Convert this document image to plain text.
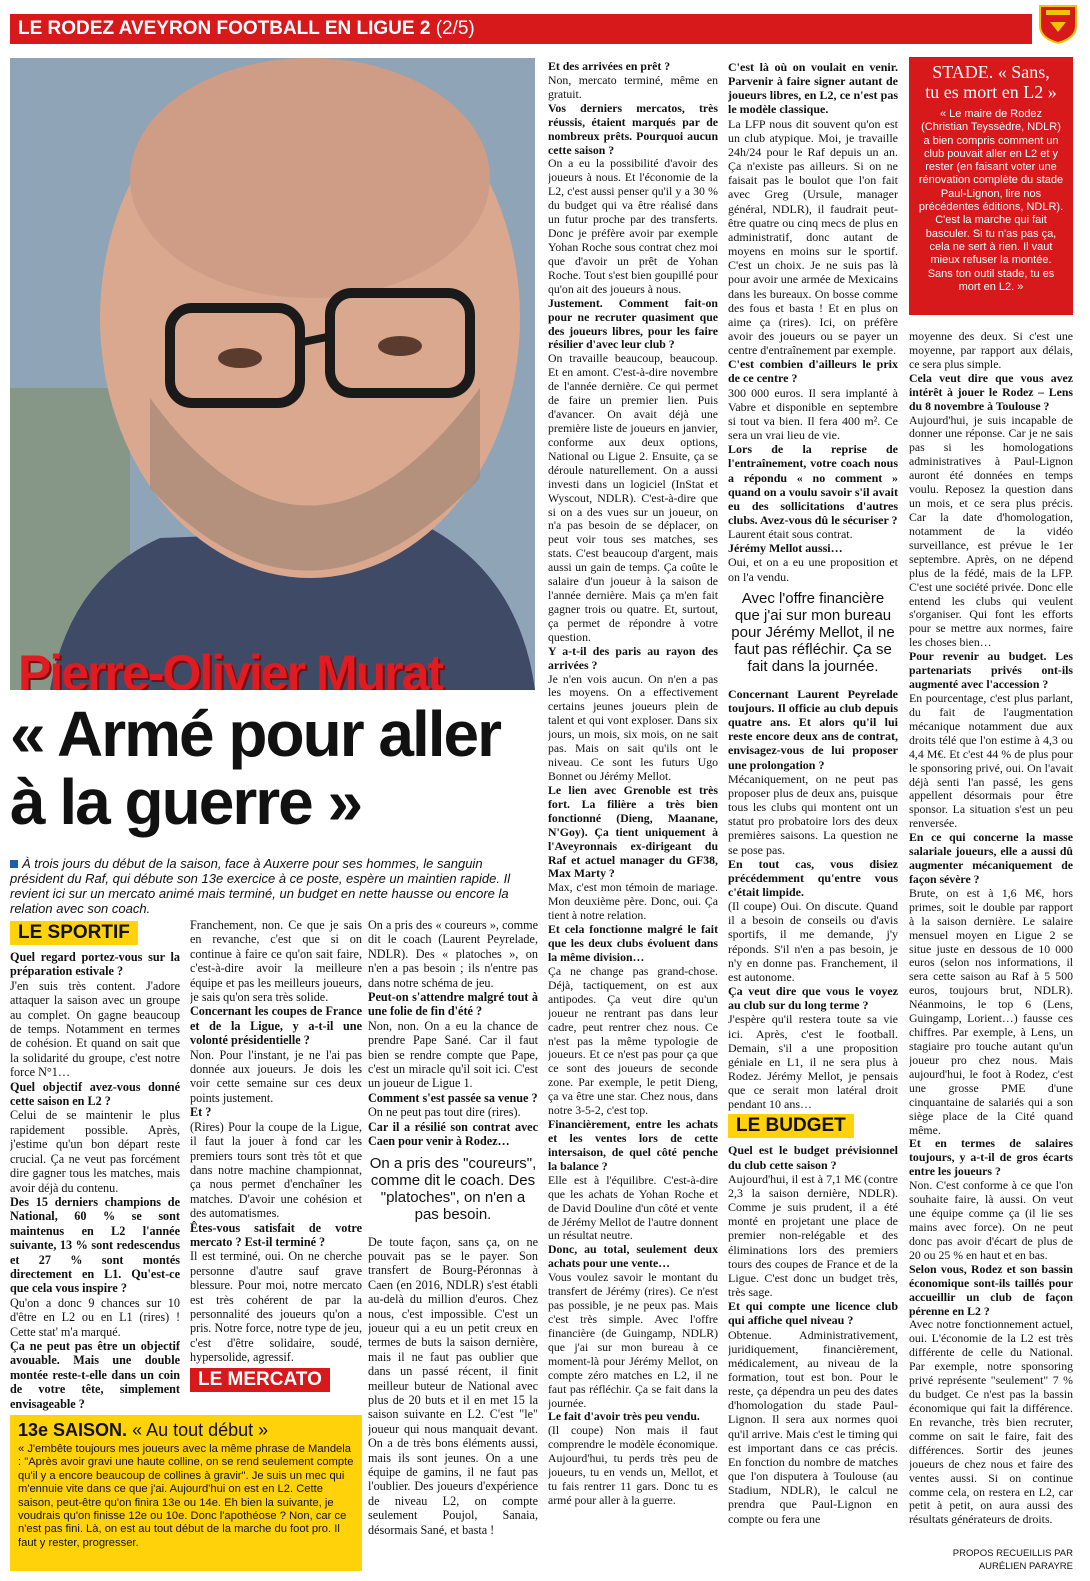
LE RODEZ AVEYRON FOOTBALL EN LIGUE 2 (2/5)
Pierre-Olivier Murat
« Armé pour aller à la guerre »
À trois jours du début de la saison, face à Auxerre pour ses hommes, le sanguin président du Raf, qui débute son 13e exercice à ce poste, espère un maintien rapide. Il revient ici sur un mercato animé mais terminé, un budget en nette hausse ou encore la relation avec son coach.
LE SPORTIF

Quel regard portez-vous sur la préparation estivale ?

J'en suis très content. J'adore attaquer la saison avec un groupe au complet. On gagne beaucoup de temps. Notamment en termes de cohésion. Et quand on sait que la solidarité du groupe, c'est notre force N°1…

Quel objectif avez-vous donné cette saison en L2 ?

Celui de se maintenir le plus rapidement possible. Après, j'estime qu'un bon départ reste crucial. Ça ne veut pas forcément dire gagner tous les matches, mais avoir déjà du contenu.

Des 15 derniers champions de National, 60 % se sont maintenus en L2 l'année suivante, 13 % sont redescendus et 27 % sont montés directement en L1. Qu'est-ce que cela vous inspire ?

Qu'on a donc 9 chances sur 10 d'être en L2 ou en L1 (rires) ! Cette stat' m'a marqué.

Ça ne peut pas être un objectif avouable. Mais une double montée reste-t-elle dans un coin de votre tête, simplement envisageable ?

13e SAISON. « Au tout début »
« J'embête toujours mes joueurs avec la même phrase de Mandela : "Après avoir gravi une haute colline, on se rend seulement compte qu'il y a encore beaucoup de collines à gravir". Je suis un mec qui m'ennuie vite dans ce que j'ai. Aujourd'hui on est en L2. Cette saison, peut-être qu'on finira 13e ou 14e. Eh bien la suivante, je voudrais qu'on finisse 12e ou 10e. Donc l'apothéose ? Non, car ce n'est pas fini. Là, on est au tout début de la marche du foot pro. Il faut y rester, progresser.

Franchement, non. Ce que je sais en revanche, c'est que si on continue à faire ce qu'on sait faire, c'est-à-dire avoir la meilleure équipe et pas les meilleurs joueurs, je sais qu'on sera très solide.

Concernant les coupes de France et de la Ligue, y a-t-il une volonté présidentielle ?

Non. Pour l'instant, je ne l'ai pas donnée aux joueurs. Je dois les voir cette semaine sur ces deux points justement.

Et ?

(Rires) Pour la coupe de la Ligue, il faut la jouer à fond car les premiers tours sont très tôt et que dans notre machine championnat, ça nous permet d'enchaîner les matches. D'avoir une cohésion et des automatismes.

Êtes-vous satisfait de votre mercato ? Est-il terminé ?

Il est terminé, oui. On ne cherche personne d'autre sauf grave blessure. Pour moi, notre mercato est très cohérent de par la personnalité des joueurs qu'on a pris. Notre force, notre type de jeu, c'est d'être solidaire, soudé, hypersolide, agressif.

LE MERCATO

On a pris des « coureurs », comme dit le coach (Laurent Peyrelade, NDLR). Des « platoches », on n'en a pas besoin ; ils n'entre pas dans notre schéma de jeu.

Peut-on s'attendre malgré tout à une folie de fin d'été ?

Non, non. On a eu la chance de prendre Pape Sané. Car il faut bien se rendre compte que Pape, c'est un miracle qu'il soit ici. C'est un joueur de Ligue 1.

Comment s'est passée sa venue ?

On ne peut pas tout dire (rires).

Car il a résilié son contrat avec Caen pour venir à Rodez…

On a pris des "coureurs", comme dit le coach. Des "platoches", on n'en a pas besoin.

De toute façon, sans ça, on ne pouvait pas se le payer. Son transfert de Bourg-Péronnas à Caen (en 2016, NDLR) s'est établi au-delà du million d'euros. Chez nous, c'est impossible. C'est un joueur qui a eu un petit creux en termes de buts la saison dernière, mais il ne faut pas oublier que dans un passé récent, il finit meilleur buteur de National avec plus de 20 buts et il en met 15 la saison suivante en L2. C'est "le" joueur qui nous manquait devant. On a de très bons éléments aussi, mais ils sont jeunes. On a une équipe de gamins, il ne faut pas l'oublier. Des joueurs d'expérience de niveau L2, on compte seulement Poujol, Sanaia, désormais Sané, et basta !

Et des arrivées en prêt ?

Non, mercato terminé, même en gratuit.

Vos derniers mercatos, très réussis, étaient marqués par de nombreux prêts. Pourquoi aucun cette saison ?

On a eu la possibilité d'avoir des joueurs à nous. Et l'économie de la L2, c'est aussi penser qu'il y a 30 % du budget qui va être réalisé dans un futur proche par des transferts. Donc je préfère avoir par exemple Yohan Roche sous contrat chez moi que d'avoir un prêt de Yohan Roche. Tout s'est bien goupillé pour qu'on ait des joueurs à nous.

Justement. Comment fait-on pour ne recruter quasiment que des joueurs libres, pour les faire résilier d'avec leur club ?

On travaille beaucoup, beaucoup. Et en amont. C'est-à-dire novembre de l'année dernière. Ce qui permet de faire un premier lien. Puis d'avancer. On avait déjà une première liste de joueurs en janvier, conforme aux deux options, National ou Ligue 2. Ensuite, ça se déroule naturellement. On a aussi investi dans un logiciel (InStat et Wyscout, NDLR). C'est-à-dire que si on a des vues sur un joueur, on n'a pas besoin de se déplacer, on peut voir tous ses matches, ses stats. C'est beaucoup d'argent, mais aussi un gain de temps. Ça coûte le salaire d'un joueur à la saison de l'année dernière. Mais ça m'en fait gagner trois ou quatre. Et, surtout, ça permet de répondre à votre question.

Y a-t-il des paris au rayon des arrivées ?

Je n'en vois aucun. On n'en a pas les moyens. On a effectivement certains jeunes joueurs plein de talent et qui vont exploser. Dans six jours, un mois, six mois, on ne sait pas. Mais on sait qu'ils ont le niveau. Ce sont les futurs Ugo Bonnet ou Jérémy Mellot.

Le lien avec Grenoble est très fort. La filière a très bien fonctionné (Dieng, Maanane, N'Goy). Ça tient uniquement à l'Aveyronnais ex-dirigeant du Raf et actuel manager du GF38, Max Marty ?

Max, c'est mon témoin de mariage. Mon deuxième père. Donc, oui. Ça tient à notre relation.

Et cela fonctionne malgré le fait que les deux clubs évoluent dans la même division…

Ça ne change pas grand-chose. Déjà, tactiquement, on est aux antipodes. Ça veut dire qu'un joueur ne rentrant pas dans leur cadre, peut rentrer chez nous. Ce n'est pas la même typologie de joueurs. Et ce n'est pas pour ça que ce sont des joueurs de seconde zone. Par exemple, le petit Dieng, ça va être une star. Chez nous, dans notre 3-5-2, c'est top.

Financièrement, entre les achats et les ventes lors de cette intersaison, de quel côté penche la balance ?

Elle est à l'équilibre. C'est-à-dire que les achats de Yohan Roche et de David Douline d'un côté et vente de Jérémy Mellot de l'autre donnent un résultat neutre.

Donc, au total, seulement deux achats pour une vente…

Vous voulez savoir le montant du transfert de Jérémy (rires). Ce n'est pas possible, je ne peux pas. Mais c'est très simple. Avec l'offre financière (de Guingamp, NDLR) que j'ai sur mon bureau à ce moment-là pour Jérémy Mellot, on compte zéro matches en L2, il ne faut pas réfléchir. Ça se fait dans la journée.

Le fait d'avoir très peu vendu.

(Il coupe) Non mais il faut comprendre le modèle économique. Aujourd'hui, tu perds très peu de joueurs, tu en vends un, Mellot, et tu fais rentrer 11 gars. Donc tu es armé pour aller à la guerre.

C'est là où on voulait en venir. Parvenir à faire signer autant de joueurs libres, en L2, ce n'est pas le modèle classique.

La LFP nous dit souvent qu'on est un club atypique. Moi, je travaille 24h/24 pour le Raf depuis un an. Ça n'existe pas ailleurs. Si on ne faisait pas le boulot que l'on fait avec Greg (Ursule, manager général, NDLR), il faudrait peut-être quatre ou cinq mecs de plus en administratif, donc autant de moyens en moins sur le sportif. C'est un choix. Je ne suis pas là pour avoir une armée de Mexicains dans les bureaux. On bosse comme des fous et basta ! Et en plus on aime ça (rires). Ici, on préfère avoir des joueurs ou se payer un centre d'entraînement par exemple.

C'est combien d'ailleurs le prix de ce centre ?

300 000 euros. Il sera implanté à Vabre et disponible en septembre si tout va bien. Il fera 400 m². Ce sera un vrai lieu de vie.

Lors de la reprise de l'entraînement, votre coach nous a répondu « no comment » quand on a voulu savoir s'il avait eu des sollicitations d'autres clubs. Avez-vous dû le sécuriser ?

Laurent était sous contrat.

Jérémy Mellot aussi…

Oui, et on a eu une proposition et on l'a vendu.

Avec l'offre financière que j'ai sur mon bureau pour Jérémy Mellot, il ne faut pas réfléchir. Ça se fait dans la journée.

Concernant Laurent Peyrelade toujours. Il officie au club depuis quatre ans. Et alors qu'il lui reste encore deux ans de contrat, envisagez-vous de lui proposer une prolongation ?

Mécaniquement, on ne peut pas proposer plus de deux ans, puisque tous les clubs qui montent ont un statut pro probatoire lors des deux premières saisons. La question ne se pose pas.

En tout cas, vous disiez précédemment qu'entre vous c'était limpide.

(Il coupe) Oui. On discute. Quand il a besoin de conseils ou d'avis sportifs, il me demande, j'y réponds. S'il n'en a pas besoin, je n'y en donne pas. Franchement, il est autonome.

Ça veut dire que vous le voyez au club sur du long terme ?

J'espère qu'il restera toute sa vie ici. Après, c'est le football. Demain, s'il a une proposition géniale en L1, il ne sera plus à Rodez. Jérémy Mellot, je pensais que ce serait mon latéral droit pendant 10 ans…

LE BUDGET

Quel est le budget prévisionnel du club cette saison ?

Aujourd'hui, il est à 7,1 M€ (contre 2,3 la saison dernière, NDLR). Comme je suis prudent, il a été monté en projetant une place de premier non-relégable et des éliminations lors des premiers tours des coupes de France et de la Ligue. C'est donc un budget très, très sage.

Et qui compte une licence club qui affiche quel niveau ?

Obtenue. Administrativement, juridiquement, financièrement, médicalement, au niveau de la formation, tout est bon. Pour le reste, ça dépendra un peu des dates d'homologation du stade Paul-Lignon. Il sera aux normes quoi qu'il arrive. Mais c'est le timing qui est important dans ce cas précis. En fonction du nombre de matches que l'on disputera à Toulouse (au Stadium, NDLR), le calcul ne prendra que Paul-Lignon en compte ou fera une

STADE. « Sans,
tu es mort en L2 »
« Le maire de Rodez (Christian Teyssèdre, NDLR) a bien compris comment un club pouvait aller en L2 et y rester (en faisant voter une rénovation complète du stade Paul-Lignon, lire nos précédentes éditions, NDLR). C'est la marche qui fait basculer. Si tu n'as pas ça, cela ne sert à rien. Il vaut mieux refuser la montée. Sans ton outil stade, tu es mort en L2. »

moyenne des deux. Si c'est une moyenne, par rapport aux délais, ce sera plus simple.

Cela veut dire que vous avez intérêt à jouer le Rodez – Lens du 8 novembre à Toulouse ?

Aujourd'hui, je suis incapable de donner une réponse. Car je ne sais pas si les homologations administratives à Paul-Lignon auront été données en temps voulu. Reposez la question dans un mois, et ce sera plus précis. Car la date d'homologation, notamment de la vidéo surveillance, est prévue le 1er septembre. Après, on ne dépend plus de la fédé, mais de la LFP. C'est une société privée. Donc elle entend les clubs qui veulent s'organiser. Qui font les efforts pour se mettre aux normes, faire les choses bien…

Pour revenir au budget. Les partenariats privés ont-ils augmenté avec l'accession ?

En pourcentage, c'est plus parlant, du fait de l'augmentation mécanique notamment due aux droits télé que l'on estime à 4,3 ou 4,4 M€. Et c'est 44 % de plus pour le sponsoring privé, oui. On l'avait déjà senti l'an passé, les gens appellent désormais pour être sponsor. La situation s'est un peu renversée.

En ce qui concerne la masse salariale joueurs, elle a aussi dû augmenter mécaniquement de façon sévère ?

Brute, on est à 1,6 M€, hors primes, soit le double par rapport à la saison dernière. Le salaire mensuel moyen en Ligue 2 se situe juste en dessous de 10 000 euros (selon nos informations, il sera cette saison au Raf à 5 500 euros, toujours brut, NDLR). Néanmoins, le top 6 (Lens, Guingamp, Lorient…) fausse ces chiffres. Par exemple, à Lens, un stagiaire pro touche autant qu'un joueur pro chez nous. Mais aujourd'hui, le foot à Rodez, c'est une grosse PME d'une cinquantaine de salariés qui a son siège place de la Cité quand même.

Et en termes de salaires toujours, y a-t-il de gros écarts entre les joueurs ?

Non. C'est conforme à ce que l'on souhaite faire, là aussi. On veut une équipe comme ça (il lie ses mains avec force). On ne peut donc pas avoir d'écart de plus de 20 ou 25 % en haut et en bas.

Selon vous, Rodez et son bassin économique sont-ils taillés pour accueillir un club de façon pérenne en L2 ?

Avec notre fonctionnement actuel, oui. L'économie de la L2 est très différente de celle du National. Par exemple, notre sponsoring privé représente "seulement" 7 % du budget. Ce n'est pas la bassin économique qui fait la différence. En revanche, très bien recruter, comme on sait le faire, fait des différences. Sortir des jeunes joueurs de chez nous et faire des ventes aussi. Si on continue comme cela, on restera en L2, car petit à petit, on aura aussi des résultats générateurs de droits.

PROPOS RECUEILLIS PAR
AURÉLIEN PARAYRE
